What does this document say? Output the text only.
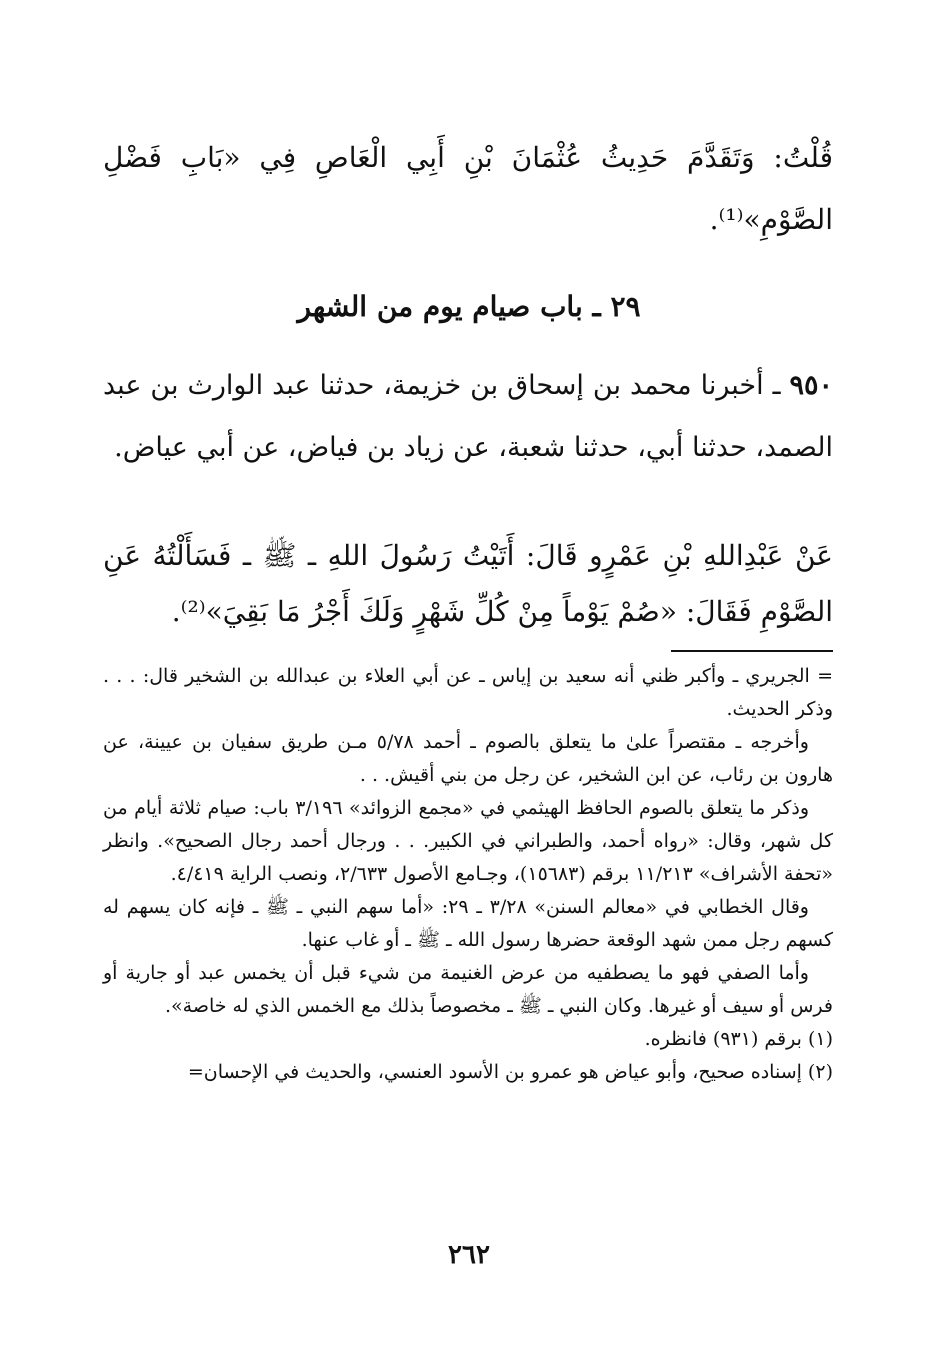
قُلْتُ: وَتَقَدَّمَ حَدِيثُ عُثْمَانَ بْنِ أَبِي الْعَاصِ فِي «بَابِ فَضْلِ الصَّوْمِ»⁽¹⁾.

٢٩ ـ باب صيام يوم من الشهر

٩٥٠ ـ أخبرنا محمد بن إسحاق بن خزيمة، حدثنا عبد الوارث بن عبد الصمد، حدثنا أبي، حدثنا شعبة، عن زياد بن فياض، عن أبي عياض.

عَنْ عَبْدِاللهِ بْنِ عَمْرٍو قَالَ: أَتَيْتُ رَسُولَ اللهِ ـ ﷺ ـ فَسَأَلْتُهُ عَنِ الصَّوْمِ فَقَالَ: «صُمْ يَوْماً مِنْ كُلِّ شَهْرٍ وَلَكَ أَجْرُ مَا بَقِيَ»⁽²⁾.

= الجريري ـ وأكبر ظني أنه سعيد بن إياس ـ عن أبي العلاء بن عبدالله بن الشخير قال: . . . وذكر الحديث.

وأخرجه ـ مقتصراً علىٰ ما يتعلق بالصوم ـ أحمد ٥/٧٨ مـن طريق سفيان بن عيينة، عن هارون بن رئاب، عن ابن الشخير، عن رجل من بني أقيش. . .

وذكر ما يتعلق بالصوم الحافظ الهيثمي في «مجمع الزوائد» ٣/١٩٦ باب: صيام ثلاثة أيام من كل شهر، وقال: «رواه أحمد، والطبراني في الكبير. . . ورجال أحمد رجال الصحيح». وانظر «تحفة الأشراف» ١١/٢١٣ برقم (١٥٦٨٣)، وجـامع الأصول ٢/٦٣٣، ونصب الراية ٤/٤١٩.

وقال الخطابي في «معالم السنن» ٣/٢٨ ـ ٢٩: «أما سهم النبي ـ ﷺ ـ فإنه كان يسهم له كسهم رجل ممن شهد الوقعة حضرها رسول الله ـ ﷺ ـ أو غاب عنها.

وأما الصفي فهو ما يصطفيه من عرض الغنيمة من شيء قبل أن يخمس عبد أو جارية أو فرس أو سيف أو غيرها. وكان النبي ـ ﷺ ـ مخصوصاً بذلك مع الخمس الذي له خاصة».

(١) برقم (٩٣١) فانظره.

(٢) إسناده صحيح، وأبو عياض هو عمرو بن الأسود العنسي، والحديث في الإحسان=

٢٦٢
